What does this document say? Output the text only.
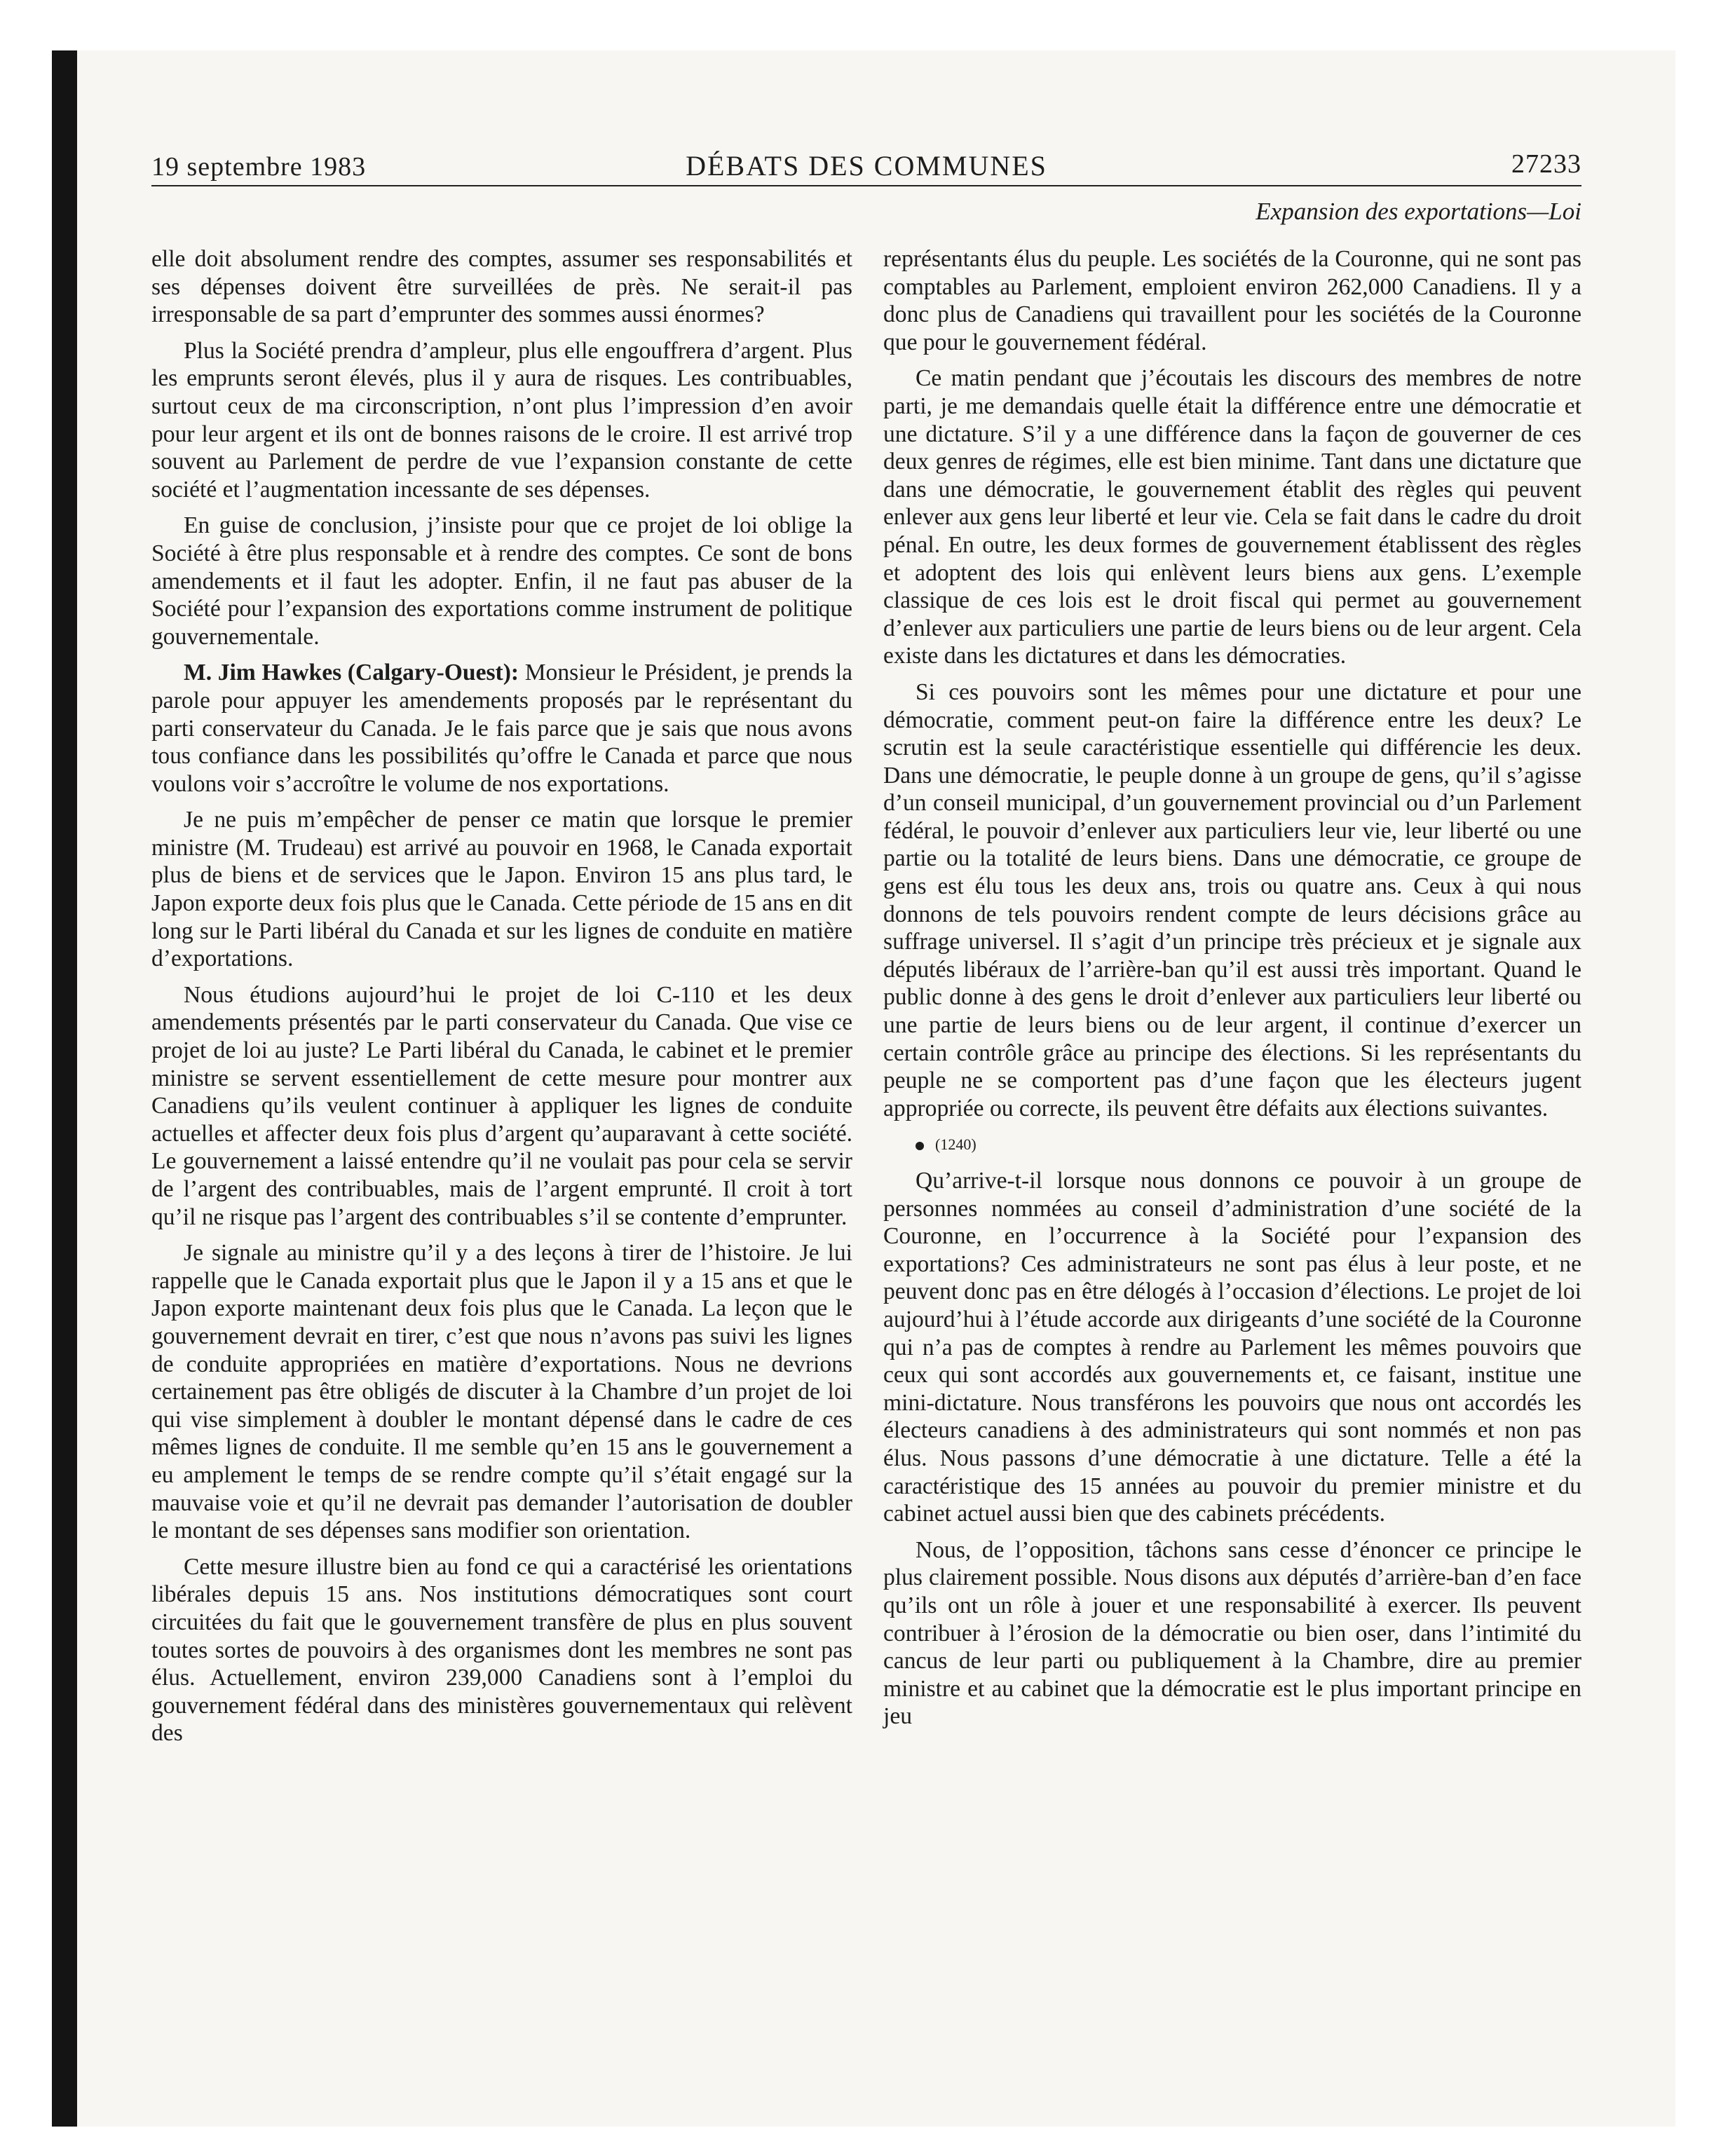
19 septembre 1983	DÉBATS DES COMMUNES	27233
Expansion des exportations—Loi

elle doit absolument rendre des comptes, assumer ses responsabilités et ses dépenses doivent être surveillées de près. Ne serait-il pas irresponsable de sa part d’emprunter des sommes aussi énormes?

Plus la Société prendra d’ampleur, plus elle engouffrera d’argent. Plus les emprunts seront élevés, plus il y aura de risques. Les contribuables, surtout ceux de ma circonscription, n’ont plus l’impression d’en avoir pour leur argent et ils ont de bonnes raisons de le croire. Il est arrivé trop souvent au Parlement de perdre de vue l’expansion constante de cette société et l’augmentation incessante de ses dépenses.

En guise de conclusion, j’insiste pour que ce projet de loi oblige la Société à être plus responsable et à rendre des comptes. Ce sont de bons amendements et il faut les adopter. Enfin, il ne faut pas abuser de la Société pour l’expansion des exportations comme instrument de politique gouvernementale.

M. Jim Hawkes (Calgary-Ouest): Monsieur le Président, je prends la parole pour appuyer les amendements proposés par le représentant du parti conservateur du Canada. Je le fais parce que je sais que nous avons tous confiance dans les possibilités qu’offre le Canada et parce que nous voulons voir s’accroître le volume de nos exportations.

Je ne puis m’empêcher de penser ce matin que lorsque le premier ministre (M. Trudeau) est arrivé au pouvoir en 1968, le Canada exportait plus de biens et de services que le Japon. Environ 15 ans plus tard, le Japon exporte deux fois plus que le Canada. Cette période de 15 ans en dit long sur le Parti libéral du Canada et sur les lignes de conduite en matière d’exportations.

Nous étudions aujourd’hui le projet de loi C-110 et les deux amendements présentés par le parti conservateur du Canada. Que vise ce projet de loi au juste? Le Parti libéral du Canada, le cabinet et le premier ministre se servent essentiellement de cette mesure pour montrer aux Canadiens qu’ils veulent continuer à appliquer les lignes de conduite actuelles et affecter deux fois plus d’argent qu’auparavant à cette société. Le gouvernement a laissé entendre qu’il ne voulait pas pour cela se servir de l’argent des contribuables, mais de l’argent emprunté. Il croit à tort qu’il ne risque pas l’argent des contribuables s’il se contente d’emprunter.

Je signale au ministre qu’il y a des leçons à tirer de l’histoire. Je lui rappelle que le Canada exportait plus que le Japon il y a 15 ans et que le Japon exporte maintenant deux fois plus que le Canada. La leçon que le gouvernement devrait en tirer, c’est que nous n’avons pas suivi les lignes de conduite appropriées en matière d’exportations. Nous ne devrions certainement pas être obligés de discuter à la Chambre d’un projet de loi qui vise simplement à doubler le montant dépensé dans le cadre de ces mêmes lignes de conduite. Il me semble qu’en 15 ans le gouvernement a eu amplement le temps de se rendre compte qu’il s’était engagé sur la mauvaise voie et qu’il ne devrait pas demander l’autorisation de doubler le montant de ses dépenses sans modifier son orientation.

Cette mesure illustre bien au fond ce qui a caractérisé les orientations libérales depuis 15 ans. Nos institutions démocratiques sont court circuitées du fait que le gouvernement transfère de plus en plus souvent toutes sortes de pouvoirs à des organismes dont les membres ne sont pas élus. Actuellement, environ 239,000 Canadiens sont à l’emploi du gouvernement fédéral dans des ministères gouvernementaux qui relèvent des

représentants élus du peuple. Les sociétés de la Couronne, qui ne sont pas comptables au Parlement, emploient environ 262,000 Canadiens. Il y a donc plus de Canadiens qui travaillent pour les sociétés de la Couronne que pour le gouvernement fédéral.

Ce matin pendant que j’écoutais les discours des membres de notre parti, je me demandais quelle était la différence entre une démocratie et une dictature. S’il y a une différence dans la façon de gouverner de ces deux genres de régimes, elle est bien minime. Tant dans une dictature que dans une démocratie, le gouvernement établit des règles qui peuvent enlever aux gens leur liberté et leur vie. Cela se fait dans le cadre du droit pénal. En outre, les deux formes de gouvernement établissent des règles et adoptent des lois qui enlèvent leurs biens aux gens. L’exemple classique de ces lois est le droit fiscal qui permet au gouvernement d’enlever aux particuliers une partie de leurs biens ou de leur argent. Cela existe dans les dictatures et dans les démocraties.

Si ces pouvoirs sont les mêmes pour une dictature et pour une démocratie, comment peut-on faire la différence entre les deux? Le scrutin est la seule caractéristique essentielle qui différencie les deux. Dans une démocratie, le peuple donne à un groupe de gens, qu’il s’agisse d’un conseil municipal, d’un gouvernement provincial ou d’un Parlement fédéral, le pouvoir d’enlever aux particuliers leur vie, leur liberté ou une partie ou la totalité de leurs biens. Dans une démocratie, ce groupe de gens est élu tous les deux ans, trois ou quatre ans. Ceux à qui nous donnons de tels pouvoirs rendent compte de leurs décisions grâce au suffrage universel. Il s’agit d’un principe très précieux et je signale aux députés libéraux de l’arrière-ban qu’il est aussi très important. Quand le public donne à des gens le droit d’enlever aux particuliers leur liberté ou une partie de leurs biens ou de leur argent, il continue d’exercer un certain contrôle grâce au principe des élections. Si les représentants du peuple ne se comportent pas d’une façon que les électeurs jugent appropriée ou correcte, ils peuvent être défaits aux élections suivantes.

(1240)

Qu’arrive-t-il lorsque nous donnons ce pouvoir à un groupe de personnes nommées au conseil d’administration d’une société de la Couronne, en l’occurrence à la Société pour l’expansion des exportations? Ces administrateurs ne sont pas élus à leur poste, et ne peuvent donc pas en être délogés à l’occasion d’élections. Le projet de loi aujourd’hui à l’étude accorde aux dirigeants d’une société de la Couronne qui n’a pas de comptes à rendre au Parlement les mêmes pouvoirs que ceux qui sont accordés aux gouvernements et, ce faisant, institue une mini-dictature. Nous transférons les pouvoirs que nous ont accordés les électeurs canadiens à des administrateurs qui sont nommés et non pas élus. Nous passons d’une démocratie à une dictature. Telle a été la caractéristique des 15 années au pouvoir du premier ministre et du cabinet actuel aussi bien que des cabinets précédents.

Nous, de l’opposition, tâchons sans cesse d’énoncer ce principe le plus clairement possible. Nous disons aux députés d’arrière-ban d’en face qu’ils ont un rôle à jouer et une responsabilité à exercer. Ils peuvent contribuer à l’érosion de la démocratie ou bien oser, dans l’intimité du cancus de leur parti ou publiquement à la Chambre, dire au premier ministre et au cabinet que la démocratie est le plus important principe en jeu
